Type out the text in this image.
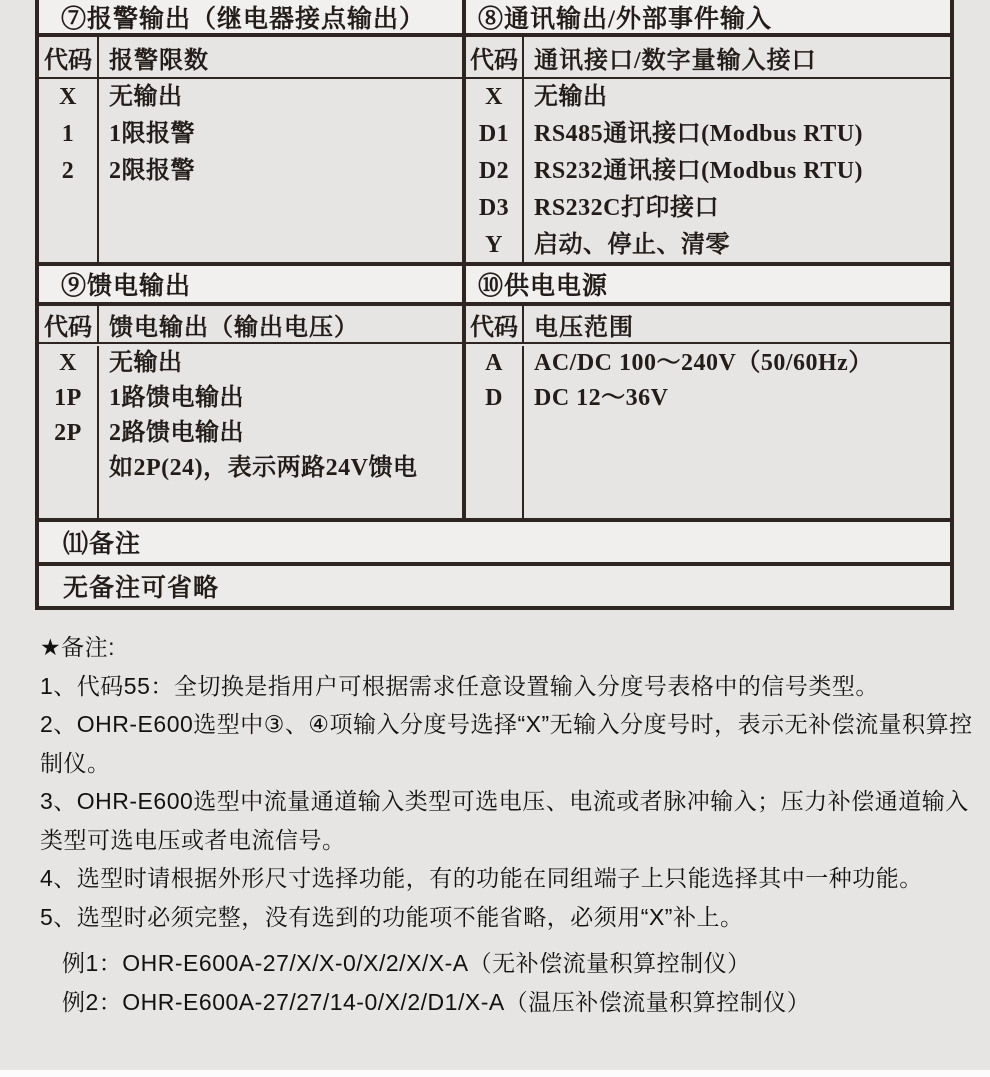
⑦报警输出（继电器接点输出）
代码 报警限数
X
1
2
无输出
1限报警
2限报警
⑧通讯输出/外部事件输入
代码 通讯接口/数字量输入接口
X
D1
D2
D3
Y
无输出
RS485通讯接口(Modbus RTU)
RS232通讯接口(Modbus RTU)
RS232C打印接口
启动、停止、清零
⑨馈电输出
代码 馈电输出（输出电压）
X
1P
2P
无输出
1路馈电输出
2路馈电输出
如2P(24)，表示两路24V馈电
⑩供电电源
代码 电压范围
A
D
AC/DC 100～240V（50/60Hz）
DC 12～36V
⑾备注
无备注可省略
★备注:
1、代码55：全切换是指用户可根据需求任意设置输入分度号表格中的信号类型。
2、OHR-E600选型中③、④项输入分度号选择“X”无输入分度号时，表示无补偿流量积算控制仪。
3、OHR-E600选型中流量通道输入类型可选电压、电流或者脉冲输入；压力补偿通道输入类型可选电压或者电流信号。
4、选型时请根据外形尺寸选择功能，有的功能在同组端子上只能选择其中一种功能。
5、选型时必须完整，没有选到的功能项不能省略，必须用“X”补上。
例1：OHR-E600A-27/X/X-0/X/2/X/X-A（无补偿流量积算控制仪）
例2：OHR-E600A-27/27/14-0/X/2/D1/X-A（温压补偿流量积算控制仪）
